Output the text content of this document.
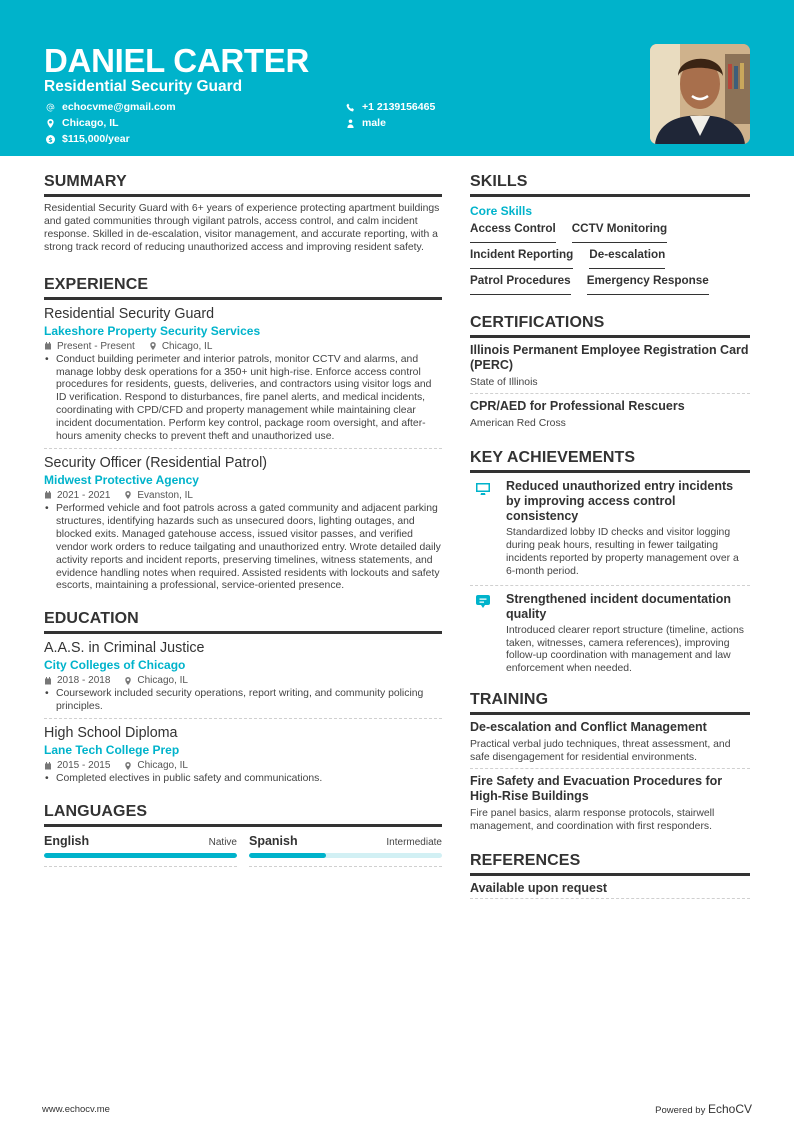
DANIEL CARTER
Residential Security Guard
echocvme@gmail.com
Chicago, IL
$ $115,000/year
+1 2139156465
male
SUMMARY
Residential Security Guard with 6+ years of experience protecting apartment buildings and gated communities through vigilant patrols, access control, and calm incident response. Skilled in de-escalation, visitor management, and accurate reporting, with a strong track record of reducing unauthorized access and improving resident safety.
EXPERIENCE
Residential Security Guard
Lakeshore Property Security Services
Present - Present	Chicago, IL
• Conduct building perimeter and interior patrols, monitor CCTV and alarms, and manage lobby desk operations for a 350+ unit high-rise. Enforce access control procedures for residents, guests, deliveries, and contractors using visitor logs and ID verification. Respond to disturbances, fire panel alerts, and medical incidents, coordinating with CPD/CFD and property management while maintaining clear incident documentation. Perform key control, package room oversight, and after-hours amenity checks to prevent theft and unauthorized use.
Security Officer (Residential Patrol)
Midwest Protective Agency
2021 - 2021	Evanston, IL
• Performed vehicle and foot patrols across a gated community and adjacent parking structures, identifying hazards such as unsecured doors, lighting outages, and blocked exits. Managed gatehouse access, issued visitor passes, and verified vendor work orders to reduce tailgating and unauthorized entry. Wrote detailed daily activity reports and incident reports, preserving timelines, witness statements, and evidence handling notes when required. Assisted residents with lockouts and safety escorts, maintaining a professional, service-oriented presence.
EDUCATION
A.A.S. in Criminal Justice
City Colleges of Chicago
2018 - 2018	Chicago, IL
• Coursework included security operations, report writing, and community policing principles.
High School Diploma
Lane Tech College Prep
2015 - 2015	Chicago, IL
• Completed electives in public safety and communications.
LANGUAGES
English	Native Spanish	Intermediate
SKILLS
Core Skills
Access Control CCTV Monitoring
Incident Reporting De-escalation
Patrol Procedures Emergency Response
CERTIFICATIONS
Illinois Permanent Employee Registration Card (PERC)
State of Illinois
CPR/AED for Professional Rescuers
American Red Cross
KEY ACHIEVEMENTS
Reduced unauthorized entry incidents by improving access control consistency
Standardized lobby ID checks and visitor logging during peak hours, resulting in fewer tailgating incidents reported by property management over a 6-month period.
Strengthened incident documentation quality
Introduced clearer report structure (timeline, actions taken, witnesses, camera references), improving follow-up coordination with management and law enforcement when needed.
TRAINING
De-escalation and Conflict Management
Practical verbal judo techniques, threat assessment, and safe disengagement for residential environments.
Fire Safety and Evacuation Procedures for High-Rise Buildings
Fire panel basics, alarm response protocols, stairwell management, and coordination with first responders.
REFERENCES
Available upon request
www.echocv.me	Powered by EchoCV
